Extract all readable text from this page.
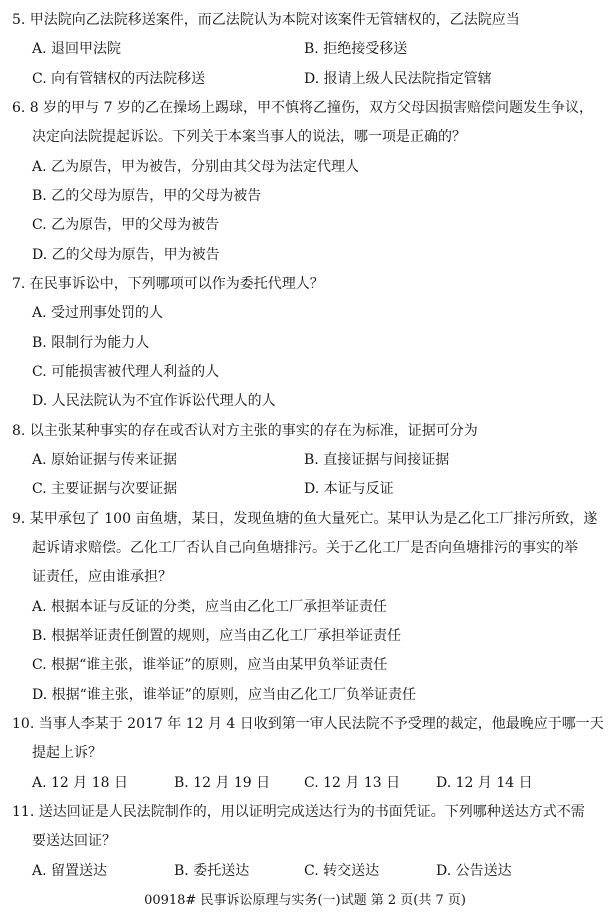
5. 甲法院向乙法院移送案件，而乙法院认为本院对该案件无管辖权的，乙法院应当
A. 退回甲法院	B. 拒绝接受移送
C. 向有管辖权的丙法院移送	D. 报请上级人民法院指定管辖
6. 8 岁的甲与 7 岁的乙在操场上踢球，甲不慎将乙撞伤，双方父母因损害赔偿问题发生争议，
决定向法院提起诉讼。下列关于本案当事人的说法，哪一项是正确的？
A. 乙为原告，甲为被告，分别由其父母为法定代理人
B. 乙的父母为原告，甲的父母为被告
C. 乙为原告，甲的父母为被告
D. 乙的父母为原告，甲为被告
7. 在民事诉讼中，下列哪项可以作为委托代理人？
A. 受过刑事处罚的人
B. 限制行为能力人
C. 可能损害被代理人利益的人
D. 人民法院认为不宜作诉讼代理人的人
8. 以主张某种事实的存在或否认对方主张的事实的存在为标准，证据可分为
A. 原始证据与传来证据	B. 直接证据与间接证据
C. 主要证据与次要证据	D. 本证与反证
9. 某甲承包了 100 亩鱼塘，某日，发现鱼塘的鱼大量死亡。某甲认为是乙化工厂排污所致，遂
起诉请求赔偿。乙化工厂否认自己向鱼塘排污。关于乙化工厂是否向鱼塘排污的事实的举
证责任，应由谁承担？
A. 根据本证与反证的分类，应当由乙化工厂承担举证责任
B. 根据举证责任倒置的规则，应当由乙化工厂承担举证责任
C. 根据“谁主张，谁举证”的原则，应当由某甲负举证责任
D. 根据“谁主张，谁举证”的原则，应当由乙化工厂负举证责任
10. 当事人李某于 2017 年 12 月 4 日收到第一审人民法院不予受理的裁定，他最晚应于哪一天
提起上诉？
A. 12 月 18 日	B. 12 月 19 日 C. 12 月 13 日	D. 12 月 14 日
11. 送达回证是人民法院制作的，用以证明完成送达行为的书面凭证。下列哪种送达方式不需
要送达回证？
A. 留置送达	B. 委托送达	C. 转交送达	D. 公告送达
00918# 民事诉讼原理与实务(一)试题 第 2 页(共 7 页)
